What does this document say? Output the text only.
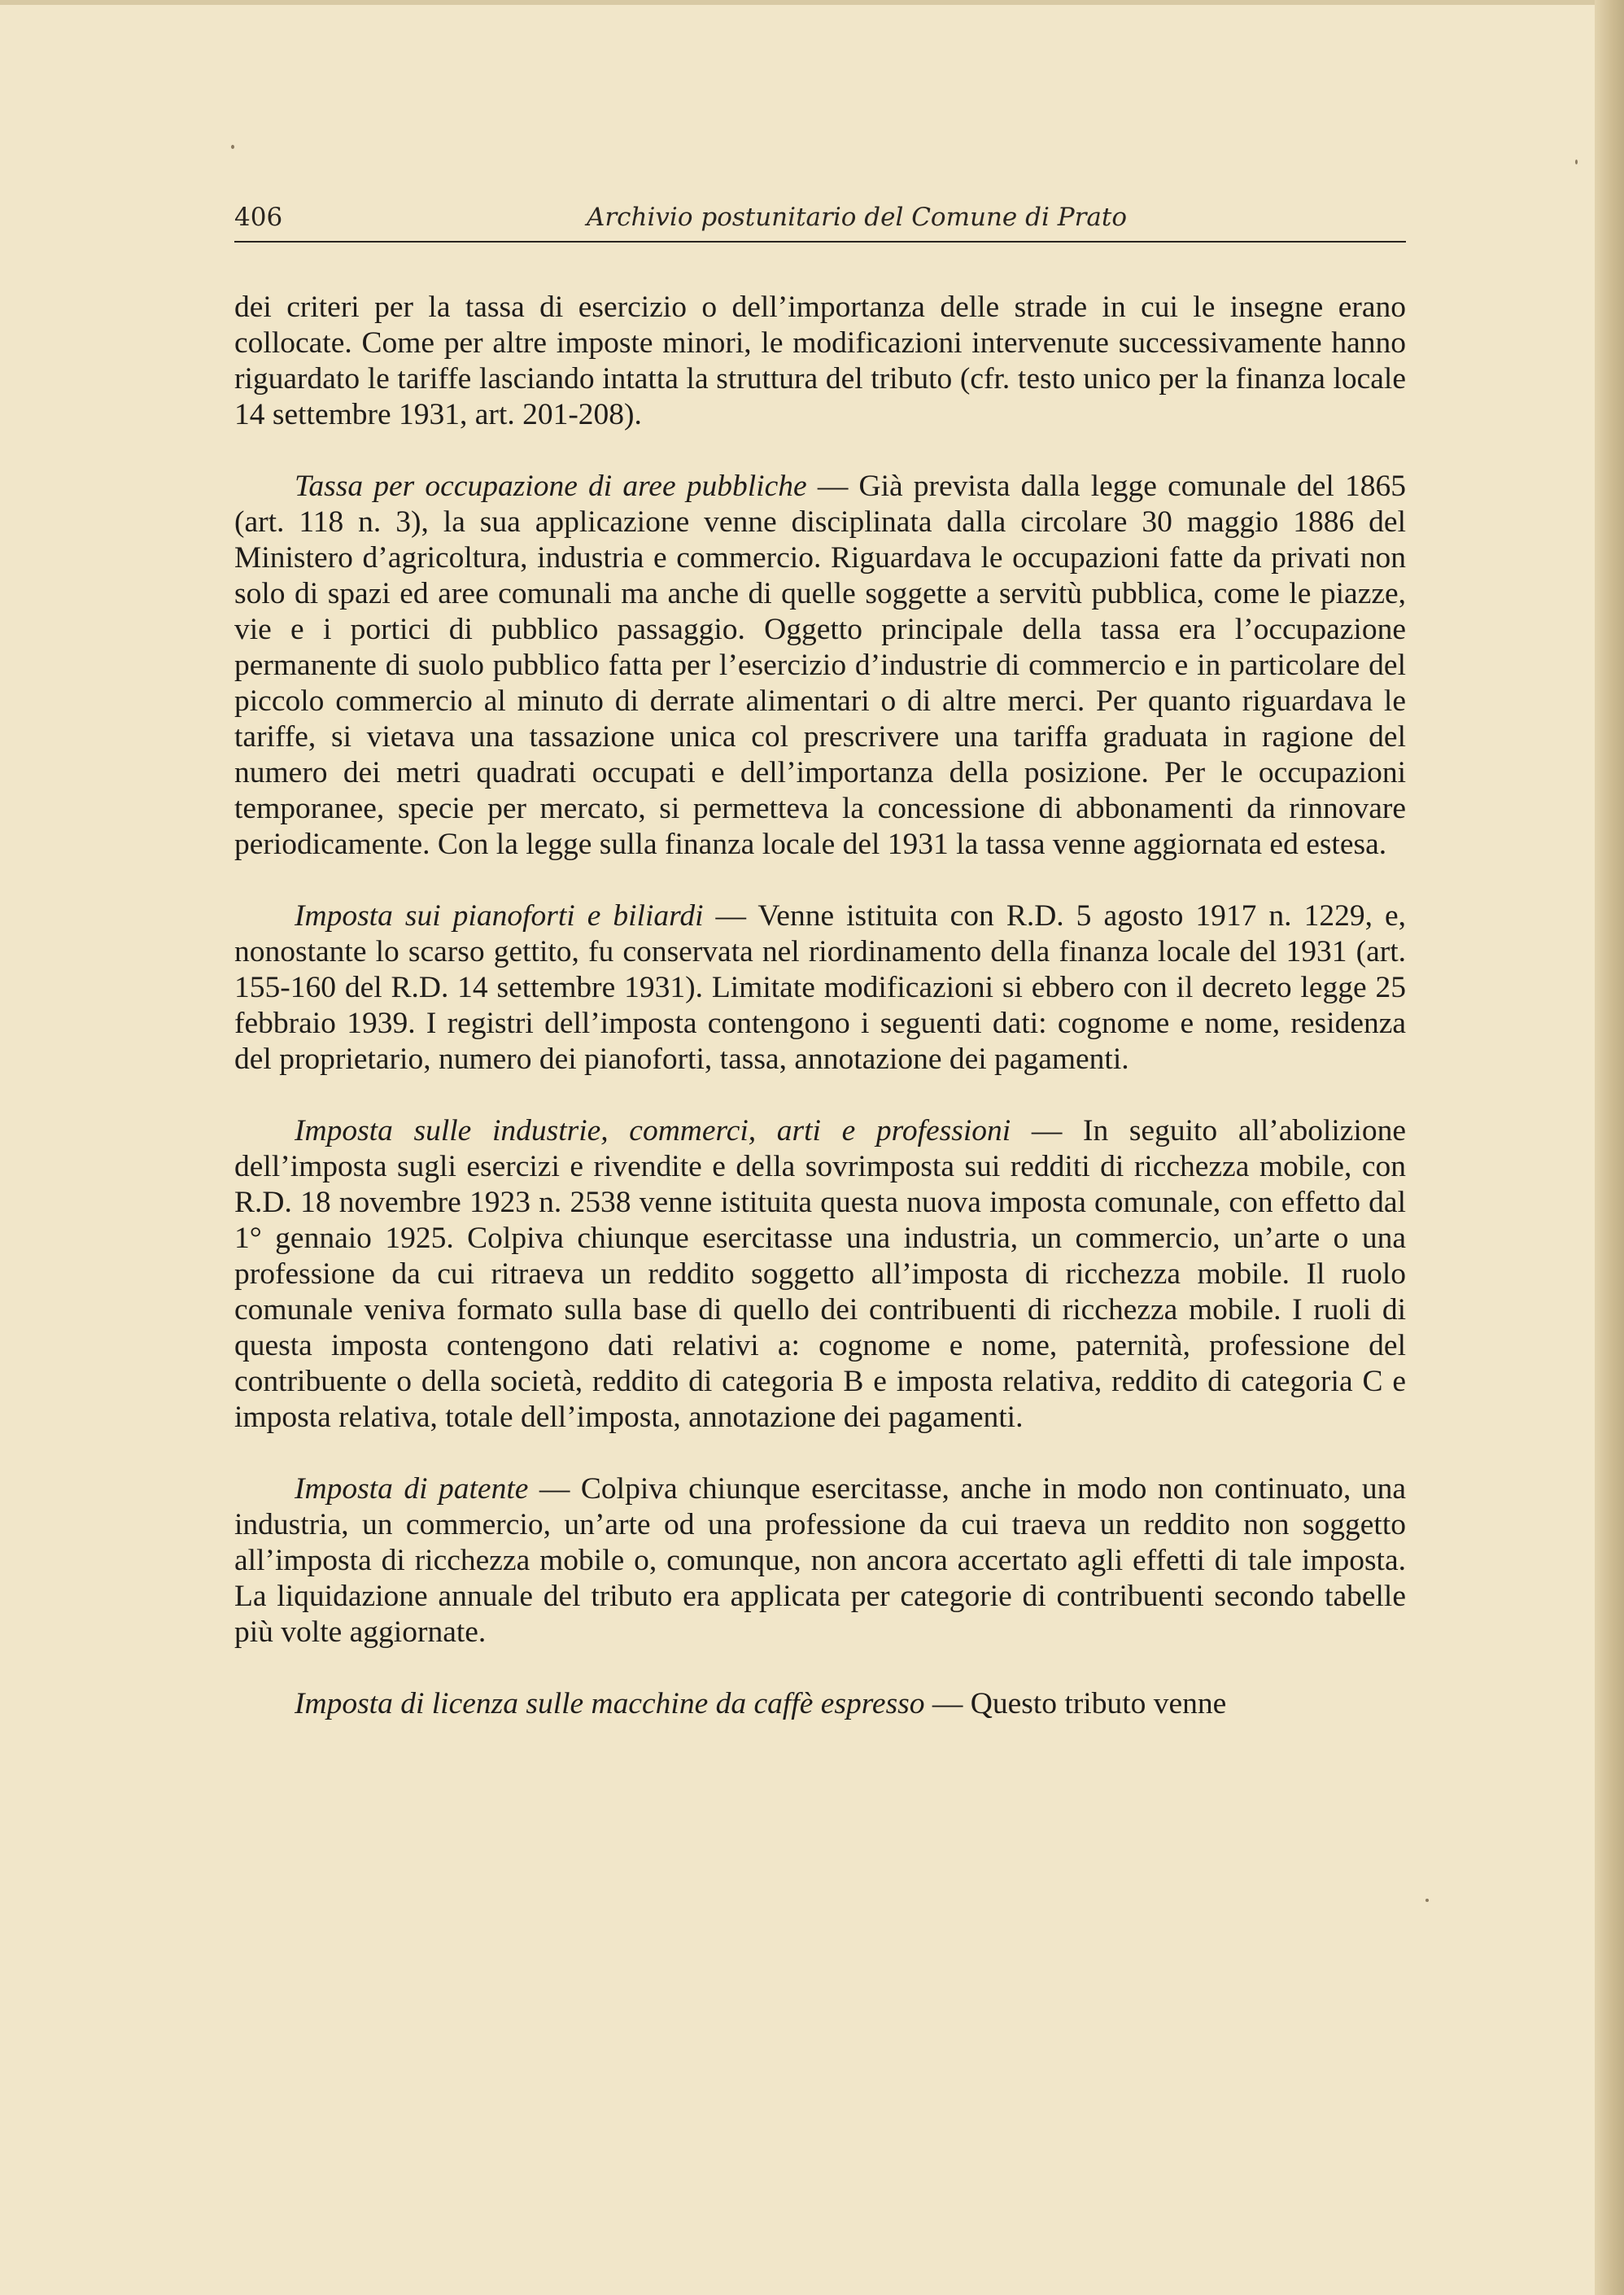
406	Archivio postunitario del Comune di Prato

dei criteri per la tassa di esercizio o dell’importanza delle strade in cui le insegne erano collocate. Come per altre imposte minori, le modificazioni intervenute successivamente hanno riguardato le tariffe lasciando intatta la struttura del tributo (cfr. testo unico per la finanza locale 14 settembre 1931, art. 201-208).

Tassa per occupazione di aree pubbliche — Già prevista dalla legge comunale del 1865 (art. 118 n. 3), la sua applicazione venne disciplinata dalla circolare 30 maggio 1886 del Ministero d’agricoltura, industria e commercio. Riguardava le occupazioni fatte da privati non solo di spazi ed aree comunali ma anche di quelle soggette a servitù pubblica, come le piazze, vie e i portici di pubblico passaggio. Oggetto principale della tassa era l’occupazione permanente di suolo pubblico fatta per l’esercizio d’industrie di commercio e in particolare del piccolo commercio al minuto di derrate alimentari o di altre merci. Per quanto riguardava le tariffe, si vietava una tassazione unica col prescrivere una tariffa graduata in ragione del numero dei metri quadrati occupati e dell’importanza della posizione. Per le occupazioni temporanee, specie per mercato, si permetteva la concessione di abbonamenti da rinnovare periodicamente. Con la legge sulla finanza locale del 1931 la tassa venne aggiornata ed estesa.

Imposta sui pianoforti e biliardi — Venne istituita con R.D. 5 agosto 1917 n. 1229, e, nonostante lo scarso gettito, fu conservata nel riordinamento della finanza locale del 1931 (art. 155-160 del R.D. 14 settembre 1931). Limitate modificazioni si ebbero con il decreto legge 25 febbraio 1939. I registri dell’imposta contengono i seguenti dati: cognome e nome, residenza del proprietario, numero dei pianoforti, tassa, annotazione dei pagamenti.

Imposta sulle industrie, commerci, arti e professioni — In seguito all’abolizione dell’imposta sugli esercizi e rivendite e della sovrimposta sui redditi di ricchezza mobile, con R.D. 18 novembre 1923 n. 2538 venne istituita questa nuova imposta comunale, con effetto dal 1° gennaio 1925. Colpiva chiunque esercitasse una industria, un commercio, un’arte o una professione da cui ritraeva un reddito soggetto all’imposta di ricchezza mobile. Il ruolo comunale veniva formato sulla base di quello dei contribuenti di ricchezza mobile. I ruoli di questa imposta contengono dati relativi a: cognome e nome, paternità, professione del contribuente o della società, reddito di categoria B e imposta relativa, reddito di categoria C e imposta relativa, totale dell’imposta, annotazione dei pagamenti.

Imposta di patente — Colpiva chiunque esercitasse, anche in modo non continuato, una industria, un commercio, un’arte od una professione da cui traeva un reddito non soggetto all’imposta di ricchezza mobile o, comunque, non ancora accertato agli effetti di tale imposta. La liquidazione annuale del tributo era applicata per categorie di contribuenti secondo tabelle più volte aggiornate.

Imposta di licenza sulle macchine da caffè espresso — Questo tributo venne
